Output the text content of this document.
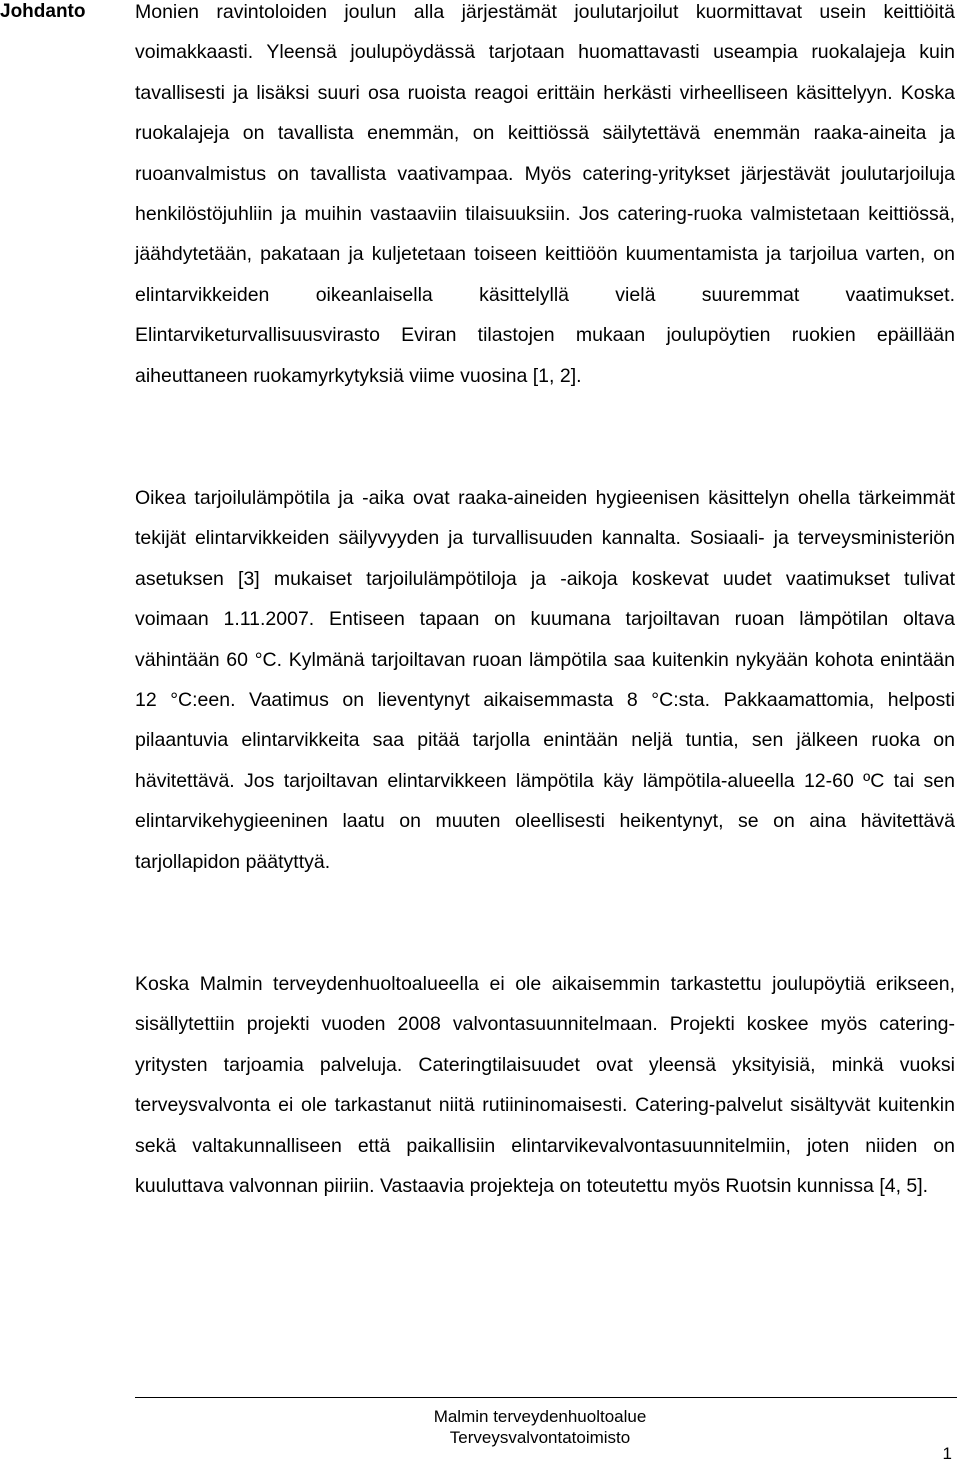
Johdanto	Monien ravintoloiden joulun alla järjestämät joulutarjoilut kuormittavat usein keittiöitä voimakkaasti. Yleensä joulupöydässä tarjotaan huomattavasti useampia ruokalajeja kuin tavallisesti ja lisäksi suuri osa ruoista reagoi erittäin herkästi virheelliseen käsittelyyn. Koska ruokalajeja on tavallista enemmän, on keittiössä säilytettävä enemmän raaka-aineita ja ruoanvalmistus on tavallista vaativampaa. Myös catering-yritykset järjestävät joulutarjoiluja henkilöstöjuhliin ja muihin vastaaviin tilaisuuksiin. Jos catering-ruoka valmistetaan keittiössä, jäähdytetään, pakataan ja kuljetetaan toiseen keittiöön kuumentamista ja tarjoilua varten, on elintarvikkeiden oikeanlaisella käsittelyllä vielä suuremmat vaatimukset. Elintarviketurvallisuusvirasto Eviran tilastojen mukaan joulupöytien ruokien epäillään aiheuttaneen ruokamyrkytyksiä viime vuosina [1, 2].

Oikea tarjoilulämpötila ja -aika ovat raaka-aineiden hygieenisen käsittelyn ohella tärkeimmät tekijät elintarvikkeiden säilyvyyden ja turvallisuuden kannalta. Sosiaali- ja terveysministeriön asetuksen [3] mukaiset tarjoilulämpötiloja ja -aikoja koskevat uudet vaatimukset tulivat voimaan 1.11.2007. Entiseen tapaan on kuumana tarjoiltavan ruoan lämpötilan oltava vähintään 60 °C. Kylmänä tarjoiltavan ruoan lämpötila saa kuitenkin nykyään kohota enintään 12 °C:een. Vaatimus on lieventynyt aikaisemmasta 8 °C:sta. Pakkaamattomia, helposti pilaantuvia elintarvikkeita saa pitää tarjolla enintään neljä tuntia, sen jälkeen ruoka on hävitettävä. Jos tarjoiltavan elintarvikkeen lämpötila käy lämpötila-alueella 12-60 ºC tai sen elintarvikehygieeninen laatu on muuten oleellisesti heikentynyt, se on aina hävitettävä tarjollapidon päätyttyä.

Koska Malmin terveydenhuoltoalueella ei ole aikaisemmin tarkastettu joulupöytiä erikseen, sisällytettiin projekti vuoden 2008 valvontasuunnitelmaan. Projekti koskee myös catering-yritysten tarjoamia palveluja. Cateringtilaisuudet ovat yleensä yksityisiä, minkä vuoksi terveysvalvonta ei ole tarkastanut niitä rutiininomaisesti. Catering-palvelut sisältyvät kuitenkin sekä valtakunnalliseen että paikallisiin elintarvikevalvontasuunnitelmiin, joten niiden on kuuluttava valvonnan piiriin. Vastaavia projekteja on toteutettu myös Ruotsin kunnissa [4, 5].

Malmin terveydenhuoltoalue

Terveysvalvontatoimisto

1
